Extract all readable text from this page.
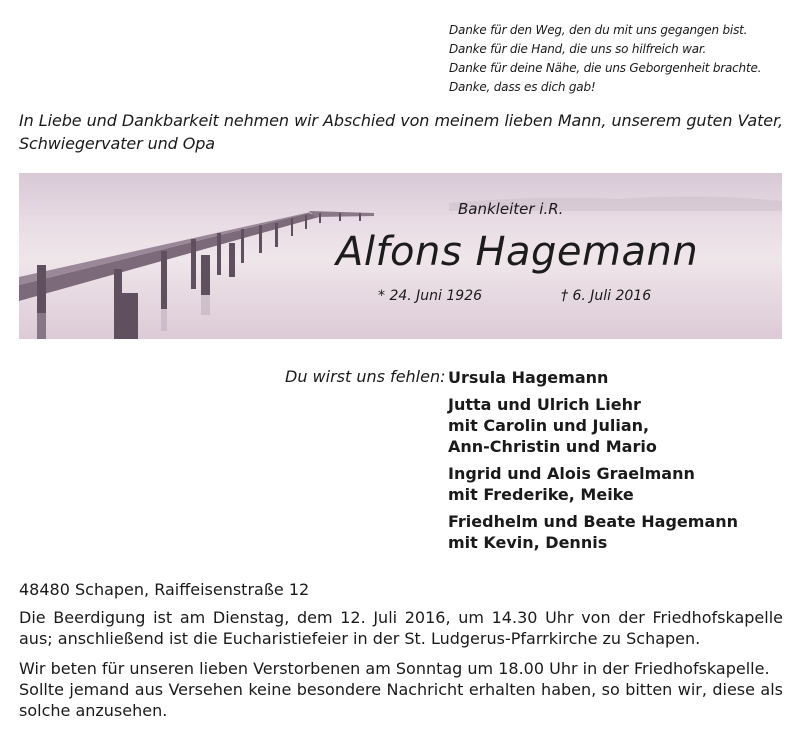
Danke für den Weg, den du mit uns gegangen bist.
Danke für die Hand, die uns so hilfreich war.
Danke für deine Nähe, die uns Geborgenheit brachte.
Danke, dass es dich gab!
In Liebe und Dankbarkeit nehmen wir Abschied von meinem lieben Mann, unserem guten Vater, Schwiegervater und Opa
Bankleiter i.R.
Alfons Hagemann
* 24. Juni 1926	† 6. Juli 2016
Du wirst uns fehlen: Ursula Hagemann
Jutta und Ulrich Liehr
mit Carolin und Julian,
Ann-Christin und Mario
Ingrid und Alois Graelmann
mit Frederike, Meike
Friedhelm und Beate Hagemann
mit Kevin, Dennis
48480 Schapen, Raiffeisenstraße 12

Die Beerdigung ist am Dienstag, dem 12. Juli 2016, um 14.30 Uhr von der Friedhofskapelle aus; anschließend ist die Eucharistiefeier in der St. Ludgerus-Pfarrkirche zu Schapen.

Wir beten für unseren lieben Verstorbenen am Sonntag um 18.00 Uhr in der Friedhofskapelle.

Sollte jemand aus Versehen keine besondere Nachricht erhalten haben, so bitten wir, diese als solche anzusehen.
